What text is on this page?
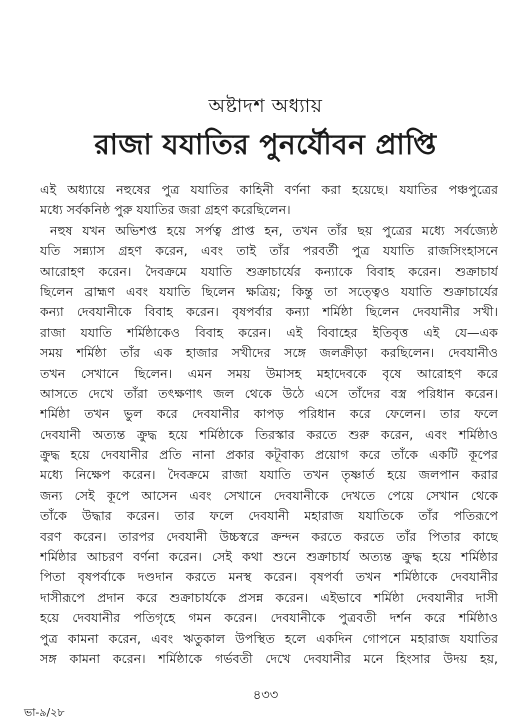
অষ্টাদশ অধ্যায়
রাজা যযাতির পুনর্যৌবন প্রাপ্তি
এই অধ্যায়ে নহুষের পুত্র যযাতির কাহিনী বর্ণনা করা হয়েছে। যযাতির পঞ্চপুত্রের
মধ্যে সর্বকনিষ্ঠ পুরু যযাতির জরা গ্রহণ করেছিলেন।
নহুষ যখন অভিশপ্ত হয়ে সর্পত্ব প্রাপ্ত হন, তখন তাঁর ছয় পুত্রের মধ্যে সর্বজ্যেষ্ঠ
যতি সন্ন্যাস গ্রহণ করেন, এবং তাই তাঁর পরবর্তী পুত্র যযাতি রাজসিংহাসনে
আরোহণ করেন। দৈবক্রমে যযাতি শুক্রাচার্যের কন্যাকে বিবাহ করেন। শুক্রাচার্য
ছিলেন ব্রাহ্মণ এবং যযাতি ছিলেন ক্ষত্রিয়; কিন্তু তা সত্ত্বেও যযাতি শুক্রাচার্যের
কন্যা দেবযানীকে বিবাহ করেন। বৃষপর্বার কন্যা শর্মিষ্ঠা ছিলেন দেবযানীর সখী।
রাজা যযাতি শর্মিষ্ঠাকেও বিবাহ করেন। এই বিবাহের ইতিবৃত্ত এই যে—এক
সময় শর্মিষ্ঠা তাঁর এক হাজার সখীদের সঙ্গে জলক্রীড়া করছিলেন। দেবযানীও
তখন সেখানে ছিলেন। এমন সময় উমাসহ মহাদেবকে বৃষে আরোহণ করে
আসতে দেখে তাঁরা তৎক্ষণাৎ জল থেকে উঠে এসে তাঁদের বস্ত্র পরিধান করেন।
শর্মিষ্ঠা তখন ভুল করে দেবযানীর কাপড় পরিধান করে ফেলেন। তার ফলে
দেবযানী অত্যন্ত ক্রুদ্ধ হয়ে শর্মিষ্ঠাকে তিরস্কার করতে শুরু করেন, এবং শর্মিষ্ঠাও
ক্রুদ্ধ হয়ে দেবযানীর প্রতি নানা প্রকার কটূবাক্য প্রয়োগ করে তাঁকে একটি কূপের
মধ্যে নিক্ষেপ করেন। দৈবক্রমে রাজা যযাতি তখন তৃষ্ণার্ত হয়ে জলপান করার
জন্য সেই কূপে আসেন এবং সেখানে দেবযানীকে দেখতে পেয়ে সেখান থেকে
তাঁকে উদ্ধার করেন। তার ফলে দেবযানী মহারাজ যযাতিকে তাঁর পতিরূপে
বরণ করেন। তারপর দেবযানী উচ্চস্বরে ক্রন্দন করতে করতে তাঁর পিতার কাছে
শর্মিষ্ঠার আচরণ বর্ণনা করেন। সেই কথা শুনে শুক্রাচার্য অত্যন্ত ক্রুদ্ধ হয়ে শর্মিষ্ঠার
পিতা বৃষপর্বাকে দণ্ডদান করতে মনস্থ করেন। বৃষপর্বা তখন শর্মিষ্ঠাকে দেবযানীর
দাসীরূপে প্রদান করে শুক্রাচার্যকে প্রসন্ন করেন। এইভাবে শর্মিষ্ঠা দেবযানীর দাসী
হয়ে দেবযানীর পতিগৃহে গমন করেন। দেবযানীকে পুত্রবতী দর্শন করে শর্মিষ্ঠাও
পুত্র কামনা করেন, এবং ঋতুকাল উপস্থিত হলে একদিন গোপনে মহারাজ যযাতির
সঙ্গ কামনা করেন। শর্মিষ্ঠাকে গর্ভবতী দেখে দেবযানীর মনে হিংসার উদয় হয়,
৪৩৩
ভা-৯/২৮
